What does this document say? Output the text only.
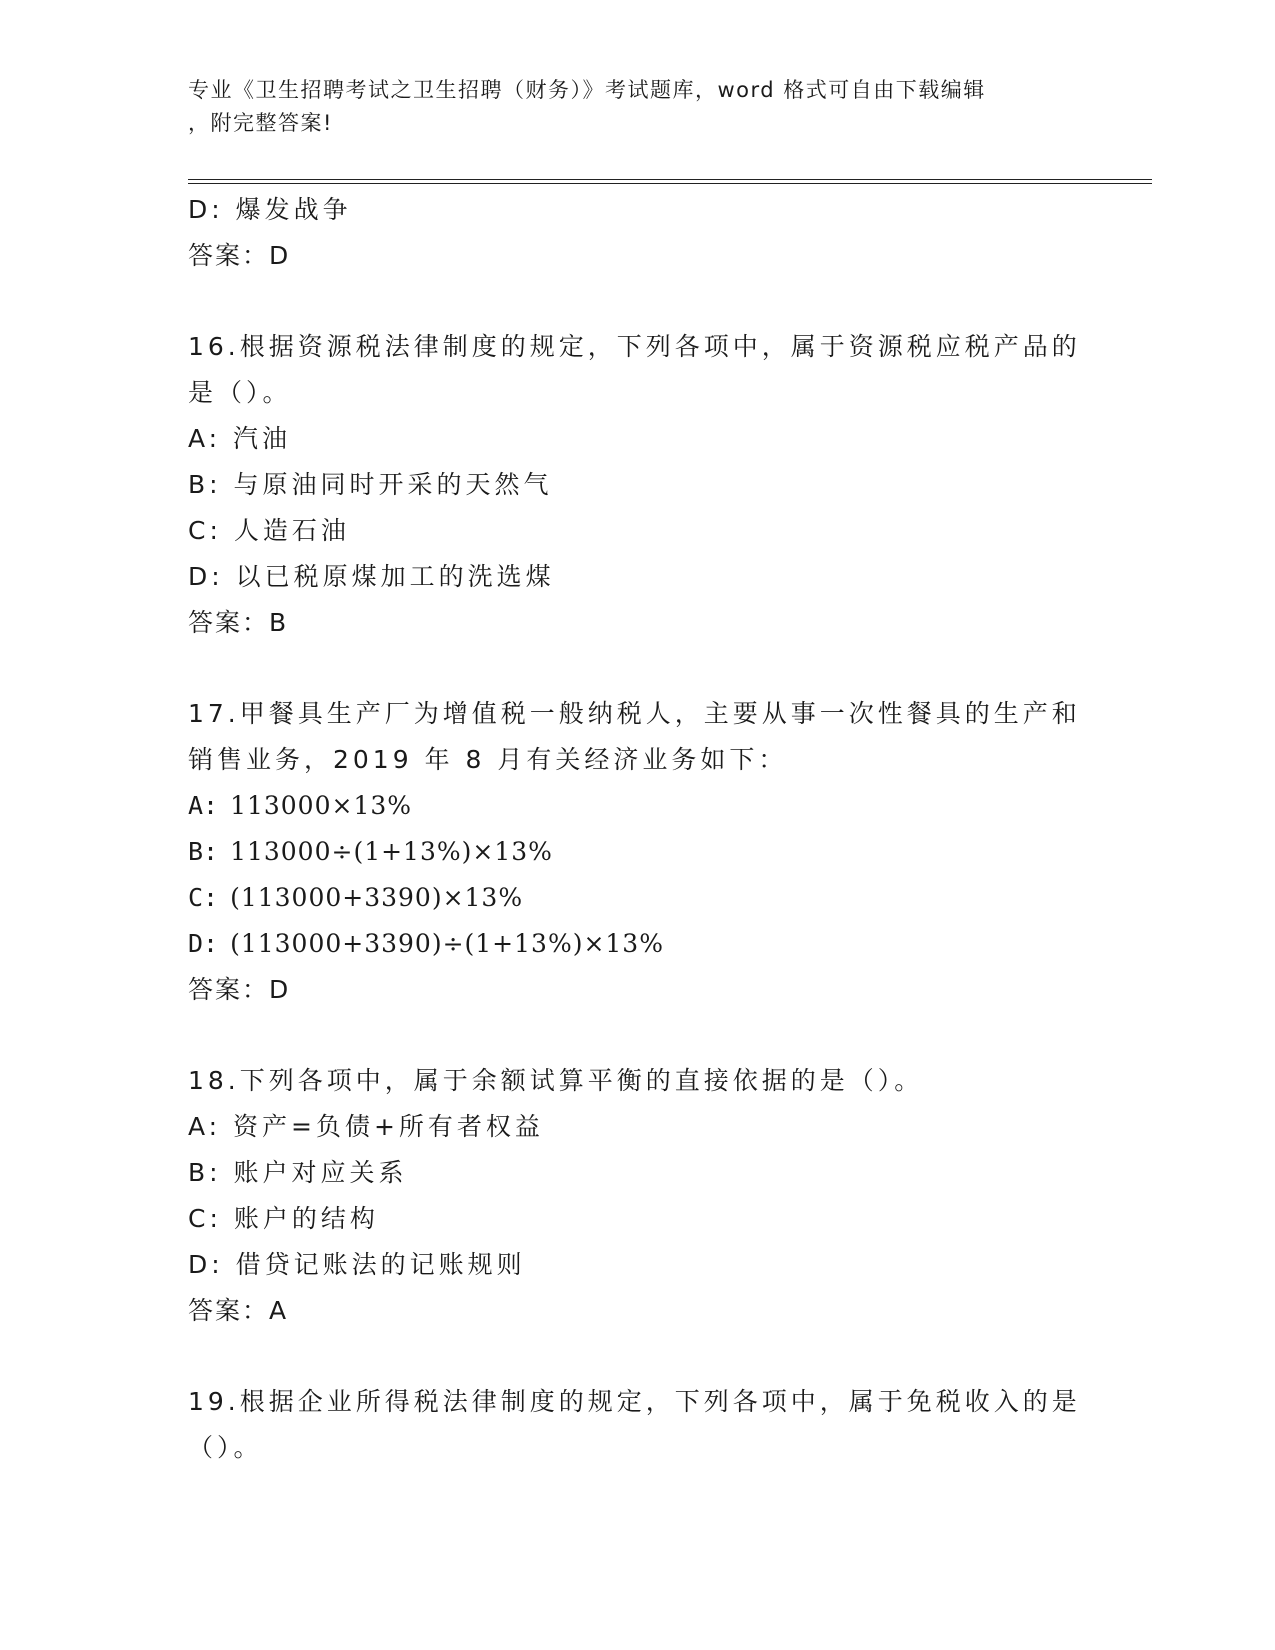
专业《卫生招聘考试之卫生招聘（财务）》考试题库，word 格式可自由下载编辑
，附完整答案!
D: 爆发战争
答案：D
16.根据资源税法律制度的规定，下列各项中，属于资源税应税产品的
是（）。
A: 汽油
B: 与原油同时开采的天然气
C: 人造石油
D: 以已税原煤加工的洗选煤
答案：B
17.甲餐具生产厂为增值税一般纳税人，主要从事一次性餐具的生产和
销售业务，2019 年 8 月有关经济业务如下：
A: 113000×13%
B: 113000÷(1+13%)×13%
C: (113000+3390)×13%
D: (113000+3390)÷(1+13%)×13%
答案：D
18.下列各项中，属于余额试算平衡的直接依据的是（）。
A: 资产=负债+所有者权益
B: 账户对应关系
C: 账户的结构
D: 借贷记账法的记账规则
答案：A
19.根据企业所得税法律制度的规定，下列各项中，属于免税收入的是
（）。
